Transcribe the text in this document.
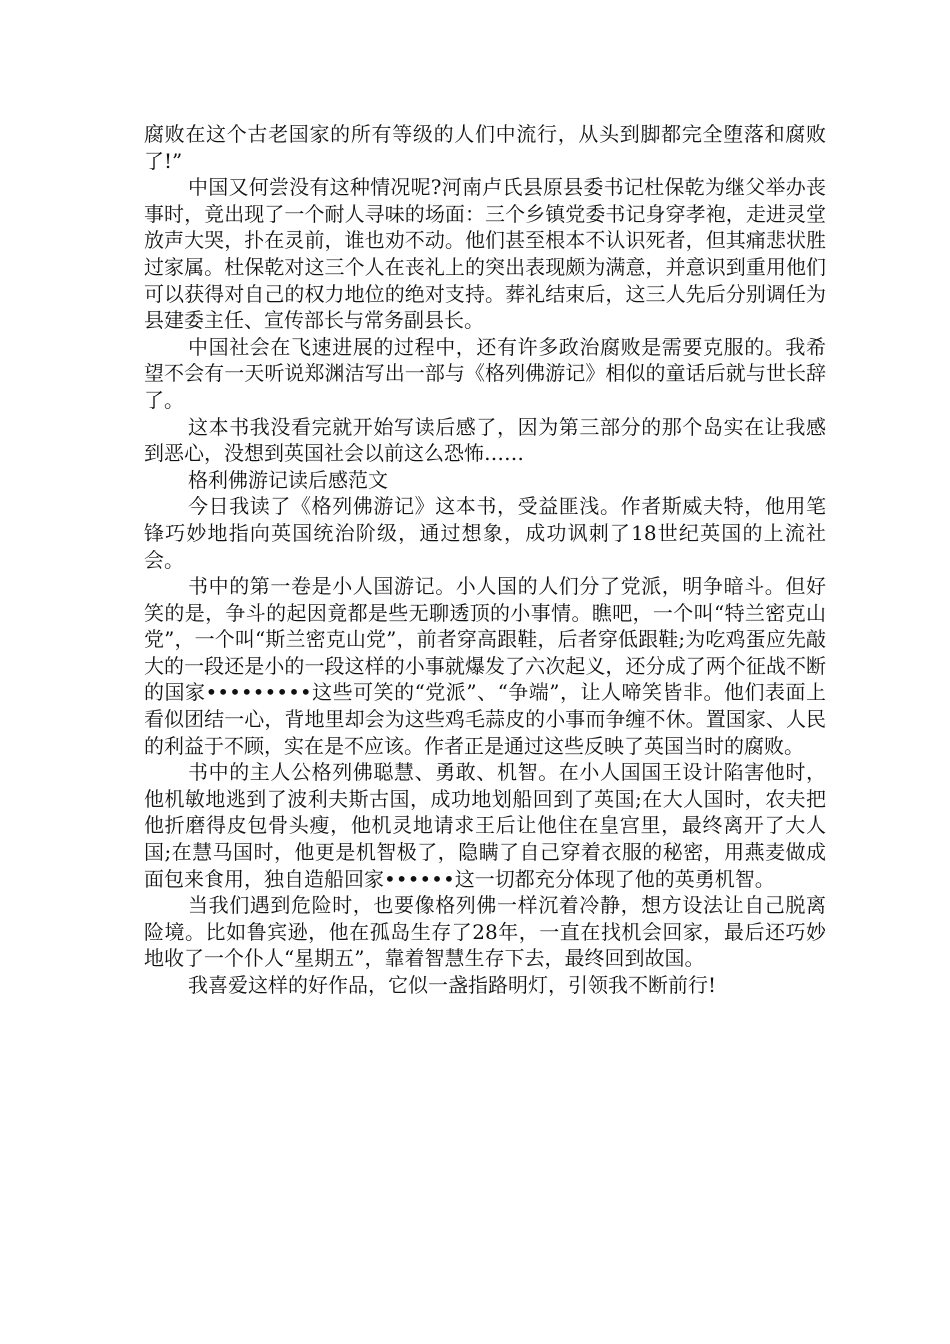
腐败在这个古老国家的所有等级的人们中流行，从头到脚都完全堕落和腐败了!”

中国又何尝没有这种情况呢?河南卢氏县原县委书记杜保乾为继父举办丧事时，竟出现了一个耐人寻味的场面：三个乡镇党委书记身穿孝袍，走进灵堂放声大哭，扑在灵前，谁也劝不动。他们甚至根本不认识死者，但其痛悲状胜过家属。杜保乾对这三个人在丧礼上的突出表现颇为满意，并意识到重用他们可以获得对自己的权力地位的绝对支持。葬礼结束后，这三人先后分别调任为县建委主任、宣传部长与常务副县长。

中国社会在飞速进展的过程中，还有许多政治腐败是需要克服的。我希望不会有一天听说郑渊洁写出一部与《格列佛游记》相似的童话后就与世长辞了。

这本书我没看完就开始写读后感了，因为第三部分的那个岛实在让我感到恶心，没想到英国社会以前这么恐怖……

格利佛游记读后感范文

今日我读了《格列佛游记》这本书，受益匪浅。作者斯威夫特，他用笔锋巧妙地指向英国统治阶级，通过想象，成功讽刺了18世纪英国的上流社会。

书中的第一卷是小人国游记。小人国的人们分了党派，明争暗斗。但好笑的是，争斗的起因竟都是些无聊透顶的小事情。瞧吧，一个叫“特兰密克山党”，一个叫“斯兰密克山党”，前者穿高跟鞋，后者穿低跟鞋;为吃鸡蛋应先敲大的一段还是小的一段这样的小事就爆发了六次起义，还分成了两个征战不断的国家•••••••••这些可笑的“党派”、“争端”，让人啼笑皆非。他们表面上看似团结一心，背地里却会为这些鸡毛蒜皮的小事而争缠不休。置国家、人民的利益于不顾，实在是不应该。作者正是通过这些反映了英国当时的腐败。

书中的主人公格列佛聪慧、勇敢、机智。在小人国国王设计陷害他时，他机敏地逃到了波利夫斯古国，成功地划船回到了英国;在大人国时，农夫把他折磨得皮包骨头瘦，他机灵地请求王后让他住在皇宫里，最终离开了大人国;在慧马国时，他更是机智极了，隐瞒了自己穿着衣服的秘密，用燕麦做成面包来食用，独自造船回家••••••这一切都充分体现了他的英勇机智。

当我们遇到危险时，也要像格列佛一样沉着冷静，想方设法让自己脱离险境。比如鲁宾逊，他在孤岛生存了28年，一直在找机会回家，最后还巧妙地收了一个仆人“星期五”，靠着智慧生存下去，最终回到故国。

我喜爱这样的好作品，它似一盏指路明灯，引领我不断前行!
